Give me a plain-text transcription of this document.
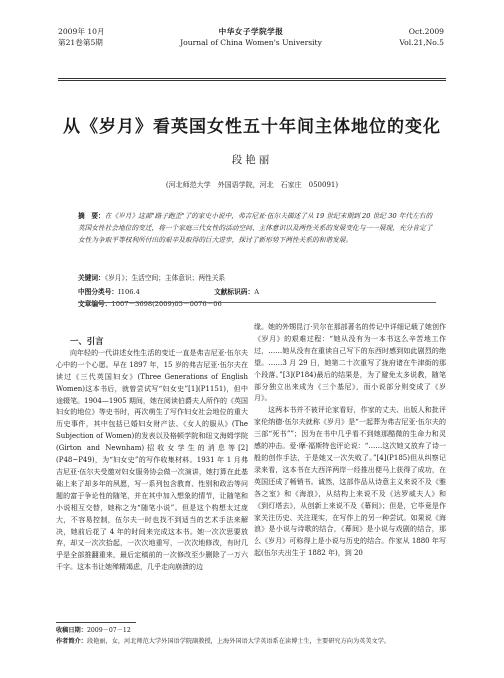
2009年 10月
第21卷第5期
中华女子学院学报
Journal of China Women's University
Oct.2009
Vol.21,No.5
从《岁月》看英国女性五十年间主体地位的变化
段艳丽
(河北师范大学　外国语学院，河北　石家庄　050091)
摘　要：在《岁月》这部"路子跑歪"了的家史小说中，弗吉尼亚·伍尔夫描述了从 19 世纪末期到 20 世纪 30 年代左右的英国女性社会地位的变迁，将一个家庭三代女性的活动空间、主体意识以及两性关系的发展变化与一一展现，充分肯定了女性为争取平等权利所付出的艰辛及取得的巨大进步，探讨了新形势下两性关系的和谐发展。
关键词：《岁月》；生活空间；主体意识；两性关系
中图分类号：I106.4	文献标识码：A 文章编号：1007－3698(2009)05－0076－06

一、引言

向年轻的一代讲述女性生活的变迁一直是弗吉尼亚·伍尔夫心中的一个心愿。早在 1897 年，15 岁的弗吉尼亚·伍尔夫在读过《三代英国妇女》(Three Generations of English Women)这本书后，就曾尝试写“妇女史”[1](P1151)，但中途辍笔。1904—1905 期间，她在阅读伯爵夫人所作的《英国妇女的地位》等史书时，再次萌生了写作妇女社会地位的重大历史事件，其中包括已婚妇女财产法、《女人的服从》(The Subjection of Women)的发表以及格顿学院和纽文海姆学院(Girton and Newnham)招收女学生的消息等[2](P48~P49)，为“妇女史”的写作收集材料。1931 年 1 月弗吉尼亚·伍尔夫受邀对妇女服务协会做一次演讲，她打算在此基础上来了却多年的夙愿，写一系列包含教育、性别和政治等问题的富于争论性的随笔，并在其中加入想象的情节，让随笔和小说相互交替，她称之为“随笔小说”。但是这个构想太过庞大，不容易控制，伍尔夫一时也找不到适当的艺术手法来解决，她前后花了 4 年的时间来完成这本书。她一次次思要放弃，却又一次次拾起，一次次地重写，一次次地修改，有时几乎是全部推翻重来，最后定稿前的一次修改至少删除了一万六千字。这本书让她殚精竭虑，几乎走向崩溃的边

缘。她的外甥昆汀·贝尔在那部著名的传记中详细记载了她创作《岁月》的艰难过程：“她从没有为一本书这么辛苦地工作过，……她从没有在重读自己写下的东西时感到如此剧烈的绝望。……3 月 29 日，她第二十次重写了拢府诸在牛津街的那个段落。”[3](P184)最后的结果是，为了避免太多说教，随笔部分独立出来成为《三个基尼》，而小说部分则变成了《岁月》。

这两本书并不被评论家看好，作家的丈夫、出版人和批评家伦纳德·伍尔夫就称《岁月》是“一起葬为弗吉尼亚·伍尔夫的三部“死书””；因为在书中几乎看不到她那酷微的生命力和灵感的冲击。爱·摩·福斯特也评论说：“……这次她又放弃了诗一般的创作手法，于是她又一次失败了。”[4](P185)但从纠察记录来看，这本书在大西洋两岸一经推出便马上获得了成功，在英国还成了畅销书。诚然，这部作品从诗意主义来说不及《雅各之室》和《海浪》，从结构上来说不及《达罗威夫人》和《到灯塔去》，从创新上来说不及《幕间》；但是，它毕竟是作家关注历史、关注现实，在写作上的另一种尝试。如果说《海浪》是小说与诗歌的结合，《幕间》是小说与戏剧的结合，那么《岁月》可称得上是小说与历史的结合。作家从 1880 年写起(伍尔夫出生于 1882 年)，到 20

收稿日期：2009－07－12
作者简介：段艳丽，女，河北师范大学外国语学院副教授，上海外国语大学英语系在读博士生，主要研究方向为英美文学。
